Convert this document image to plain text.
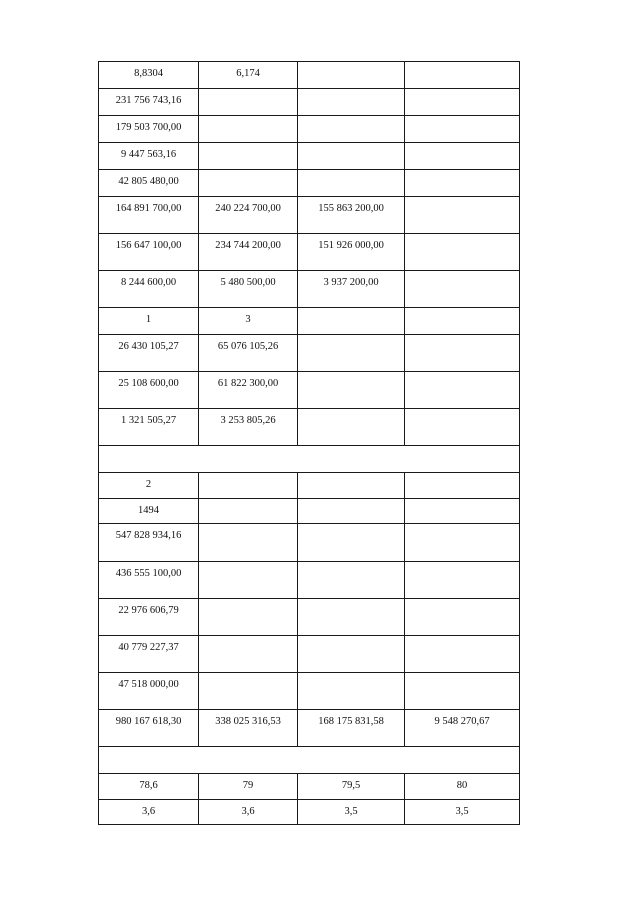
8,8304	6,174		

231 756 743,16			

179 503 700,00			

9 447 563,16			

42 805 480,00			

164 891 700,00	240 224 700,00	155 863 200,00	

156 647 100,00	234 744 200,00	151 926 000,00	

8 244 600,00	5 480 500,00	3 937 200,00	

1	3		

26 430 105,27	65 076 105,26		

25 108 600,00	61 822 300,00		

1 321 505,27	3 253 805,26		

2			

1494			

547 828 934,16			

436 555 100,00			

22 976 606,79			

40 779 227,37			

47 518 000,00			

980 167 618,30	338 025 316,53	168 175 831,58	9 548 270,67

78,6	79	79,5	80

3,6	3,6	3,5	3,5
